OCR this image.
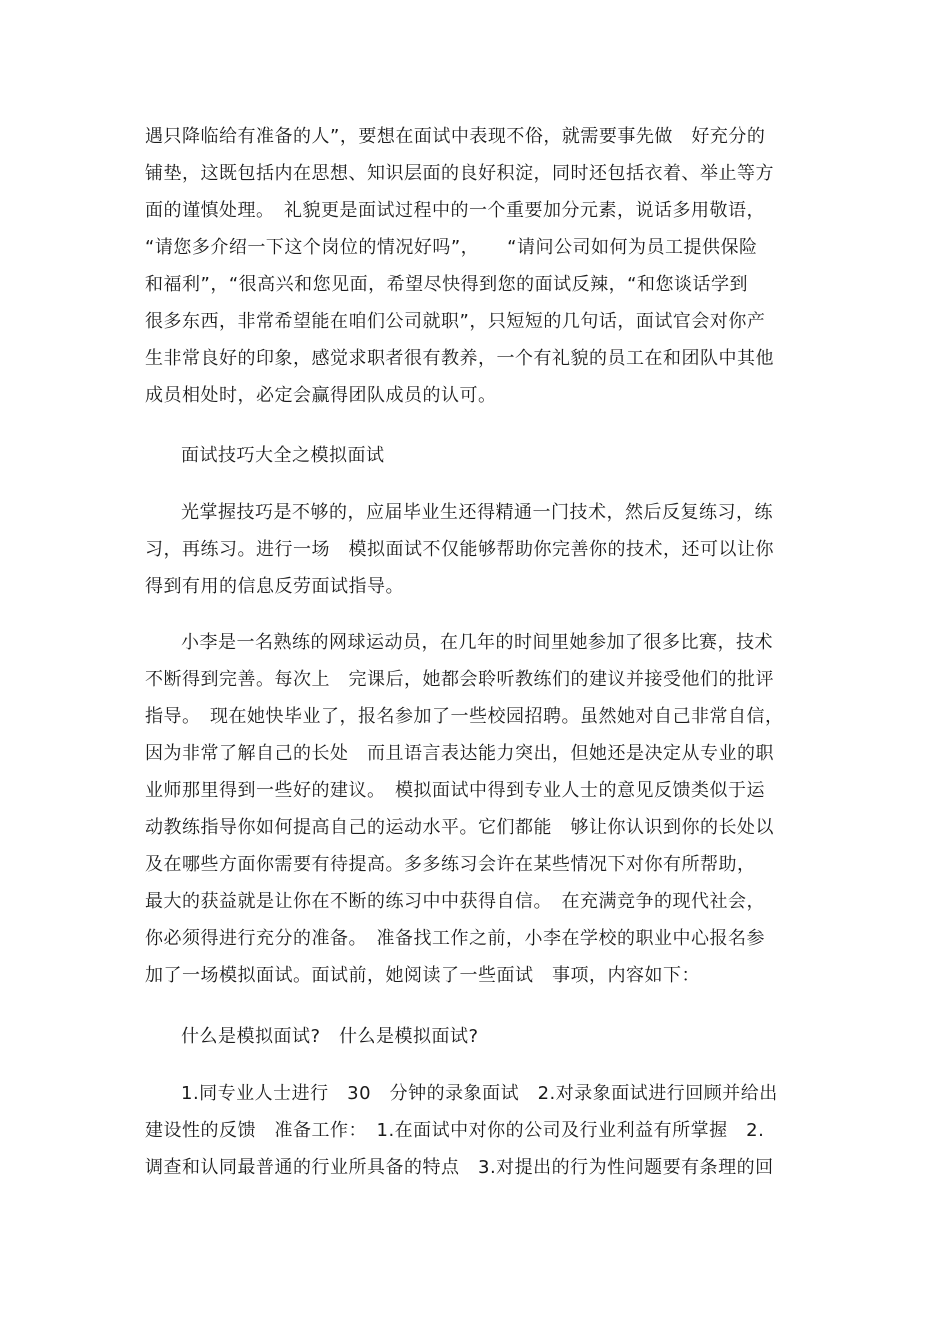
遇只降临给有准备的人”，要想在面试中表现不俗，就需要事先做　好充分的
铺垫，这既包括内在思想、知识层面的良好积淀，同时还包括衣着、举止等方
面的谨慎处理。　礼貌更是面试过程中的一个重要加分元素，说话多用敬语，
“请您多介绍一下这个岗位的情况好吗”，　　“请问公司如何为员工提供保险
和福利”，“很高兴和您见面，希望尽快得到您的面试反辣，“和您谈话学到
很多东西，非常希望能在咱们公司就职”，只短短的几句话，面试官会对你产
生非常良好的印象，感觉求职者很有教养，一个有礼貌的员工在和团队中其他
成员相处时，必定会赢得团队成员的认可。
面试技巧大全之模拟面试
光掌握技巧是不够的，应届毕业生还得精通一门技术，然后反复练习，练
习，再练习。进行一场　模拟面试不仅能够帮助你完善你的技术，还可以让你
得到有用的信息反劳面试指导。
小李是一名熟练的网球运动员，在几年的时间里她参加了很多比赛，技术
不断得到完善。每次上　完课后，她都会聆听教练们的建议并接受他们的批评
指导。　现在她快毕业了，报名参加了一些校园招聘。虽然她对自己非常自信，
因为非常了解自己的长处　而且语言表达能力突出，但她还是决定从专业的职
业师那里得到一些好的建议。　模拟面试中得到专业人士的意见反馈类似于运
动教练指导你如何提高自己的运动水平。它们都能　够让你认识到你的长处以
及在哪些方面你需要有待提高。多多练习会许在某些情况下对你有所帮助，
最大的获益就是让你在不断的练习中中获得自信。　在充满竞争的现代社会，
你必须得进行充分的准备。　准备找工作之前，小李在学校的职业中心报名参
加了一场模拟面试。面试前，她阅读了一些面试　事项，内容如下：
什么是模拟面试?　什么是模拟面试?
1.同专业人士进行　30　分钟的录象面试　2.对录象面试进行回顾并给出
建设性的反馈　准备工作：　1.在面试中对你的公司及行业利益有所掌握　2.
调查和认同最普通的行业所具备的特点　3.对提出的行为性问题要有条理的回
